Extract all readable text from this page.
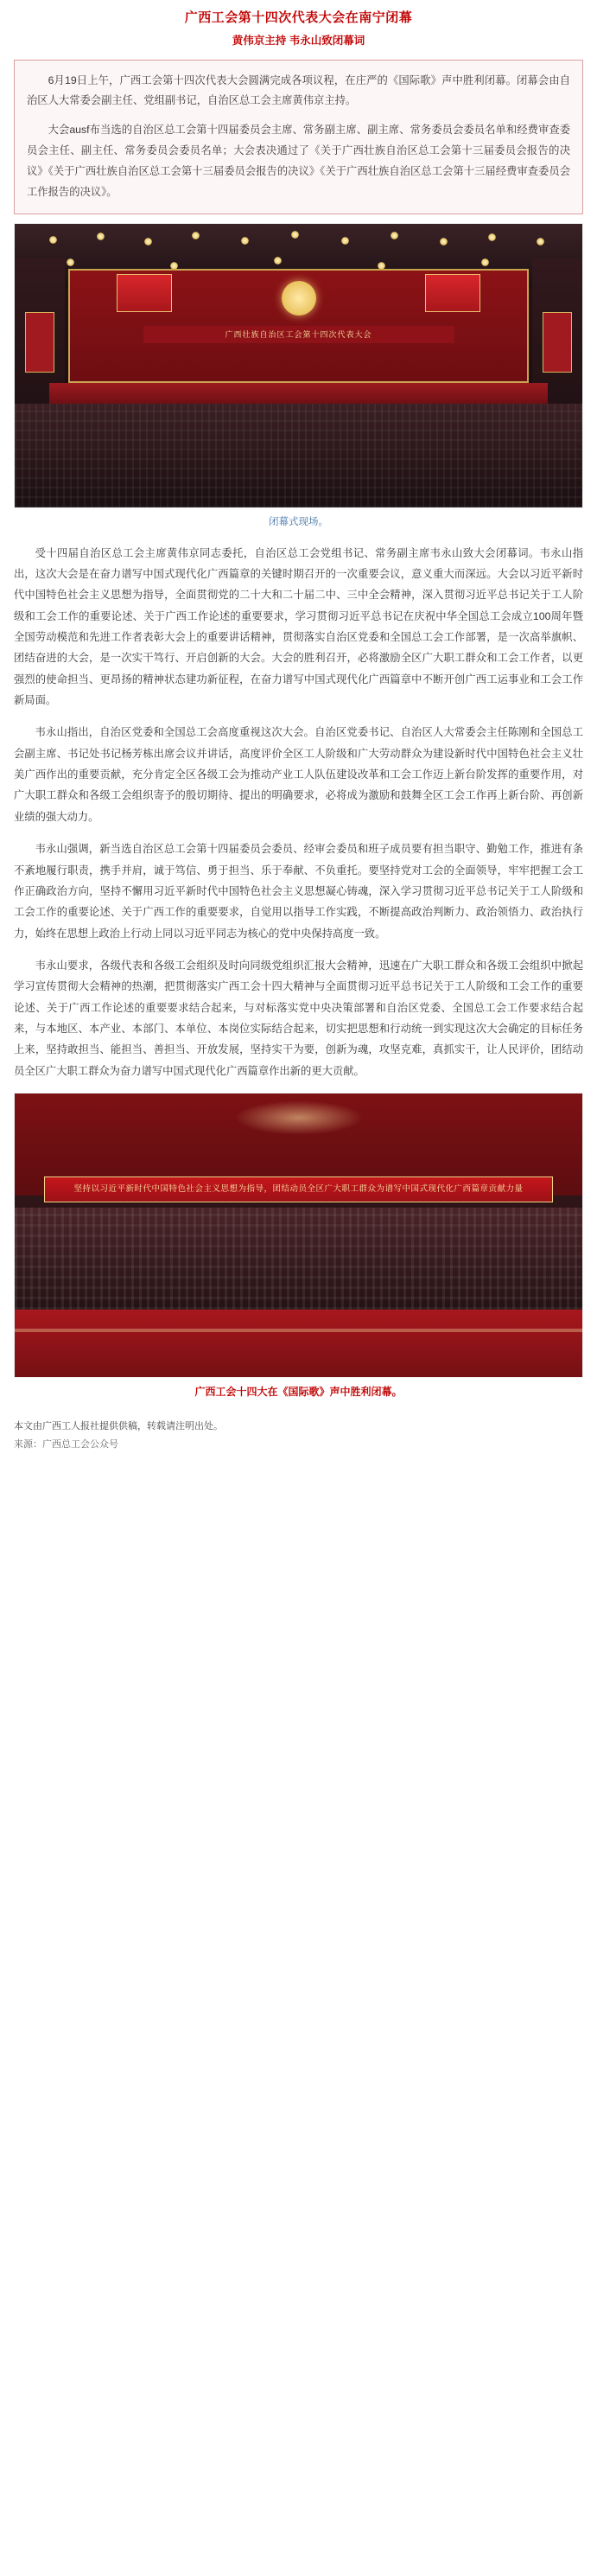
广西工会第十四次代表大会在南宁闭幕
黄伟京主持 韦永山致闭幕词

6月19日上午，广西工会第十四次代表大会圆满完成各项议程，在庄严的《国际歌》声中胜利闭幕。闭幕会由自治区人大常委会副主任、党组副书记，自治区总工会主席黄伟京主持。

大会ausf布当选的自治区总工会第十四届委员会主席、常务副主席、副主席、常务委员会委员名单和经费审查委员会主任、副主任、常务委员会委员名单；大会表决通过了《关于广西壮族自治区总工会第十三届委员会报告的决议》《关于广西壮族自治区总工会第十三届委员会报告的决议》《关于广西壮族自治区总工会第十三届经费审查委员会工作报告的决议》。

广西壮族自治区工会第十四次代表大会
闭幕式现场。

受十四届自治区总工会主席黄伟京同志委托，自治区总工会党组书记、常务副主席韦永山致大会闭幕词。韦永山指出，这次大会是在奋力谱写中国式现代化广西篇章的关键时期召开的一次重要会议，意义重大而深远。大会以习近平新时代中国特色社会主义思想为指导，全面贯彻党的二十大和二十届二中、三中全会精神，深入贯彻习近平总书记关于工人阶级和工会工作的重要论述、关于广西工作论述的重要要求，学习贯彻习近平总书记在庆祝中华全国总工会成立100周年暨全国劳动模范和先进工作者表彰大会上的重要讲话精神，贯彻落实自治区党委和全国总工会工作部署，是一次高举旗帜、团结奋进的大会，是一次实干笃行、开启创新的大会。大会的胜利召开，必将激励全区广大职工群众和工会工作者，以更强烈的使命担当、更昂扬的精神状态建功新征程，在奋力谱写中国式现代化广西篇章中不断开创广西工运事业和工会工作新局面。

韦永山指出，自治区党委和全国总工会高度重视这次大会。自治区党委书记、自治区人大常委会主任陈刚和全国总工会副主席、书记处书记杨芳栋出席会议并讲话，高度评价全区工人阶级和广大劳动群众为建设新时代中国特色社会主义壮美广西作出的重要贡献，充分肯定全区各级工会为推动产业工人队伍建设改革和工会工作迈上新台阶发挥的重要作用，对广大职工群众和各级工会组织寄予的殷切期待、提出的明确要求，必将成为激励和鼓舞全区工会工作再上新台阶、再创新业绩的强大动力。

韦永山强调，新当选自治区总工会第十四届委员会委员、经审会委员和班子成员要有担当职守、勤勉工作，推进有条不紊地履行职责，携手并肩，诚于笃信、勇于担当、乐于奉献、不负重托。要坚持党对工会的全面领导，牢牢把握工会工作正确政治方向，坚持不懈用习近平新时代中国特色社会主义思想凝心铸魂，深入学习贯彻习近平总书记关于工人阶级和工会工作的重要论述、关于广西工作的重要要求，自觉用以指导工作实践，不断提高政治判断力、政治领悟力、政治执行力，始终在思想上政治上行动上同以习近平同志为核心的党中央保持高度一致。

韦永山要求，各级代表和各级工会组织及时向同级党组织汇报大会精神，迅速在广大职工群众和各级工会组织中掀起学习宣传贯彻大会精神的热潮，把贯彻落实广西工会十四大精神与全面贯彻习近平总书记关于工人阶级和工会工作的重要论述、关于广西工作论述的重要要求结合起来，与对标落实党中央决策部署和自治区党委、全国总工会工作要求结合起来，与本地区、本产业、本部门、本单位、本岗位实际结合起来，切实把思想和行动统一到实现这次大会确定的目标任务上来，坚持敢担当、能担当、善担当、开放发展，坚持实干为要，创新为魂，攻坚克难，真抓实干，让人民评价，团结动员全区广大职工群众为奋力谱写中国式现代化广西篇章作出新的更大贡献。

坚持以习近平新时代中国特色社会主义思想为指导，团结动员全区广大职工群众为谱写中国式现代化广西篇章贡献力量
广西工会十四大在《国际歌》声中胜利闭幕。
本文由广西工人报社提供供稿，转载请注明出处。
来源：广西总工会公众号
